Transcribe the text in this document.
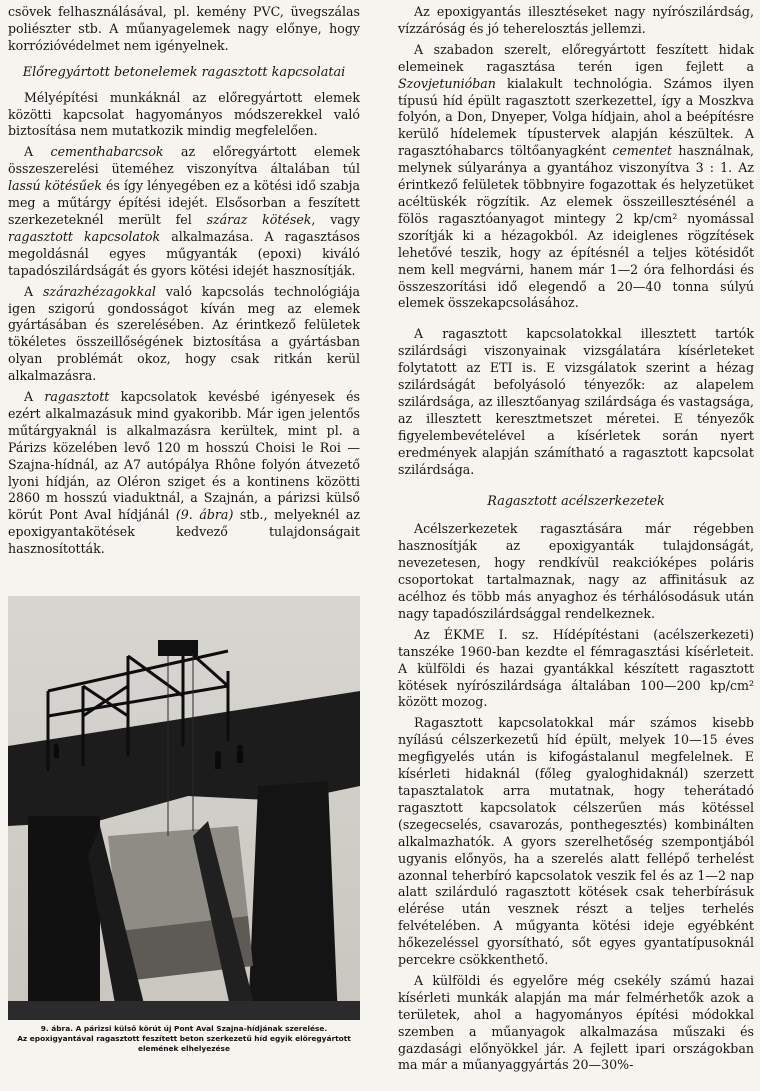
csövek felhasználásával, pl. kemény PVC, üvegszálas poliészter stb. A műanyagelemek nagy előnye, hogy korrózióvédelmet nem igényelnek.

Előregyártott betonelemek ragasztott kapcsolatai

Mélyépítési munkáknál az előregyártott elemek közötti kapcsolat hagyományos módszerekkel való biztosítása nem mutatkozik mindig megfelelően.

A cementhabarcsok az előregyártott elemek összeszerelési üteméhez viszonyítva általában túl lassú kötésűek és így lényegében ez a kötési idő szabja meg a műtárgy építési idejét. Elsősorban a feszített szerkezeteknél merült fel száraz kötések, vagy ragasztott kapcsolatok alkalmazása. A ragasztásos megoldásnál egyes műgyanták (epoxi) kiváló tapadószilárdságát és gyors kötési idejét hasznosítják.

A szárazhézagokkal való kapcsolás technológiája igen szigorú gondosságot kíván meg az elemek gyártásában és szerelésében. Az érintkező felületek tökéletes összeillőségének biztosítása a gyártásban olyan problémát okoz, hogy csak ritkán kerül alkalmazásra.

A ragasztott kapcsolatok kevésbé igényesek és ezért alkalmazásuk mind gyakoribb. Már igen jelentős műtárgyaknál is alkalmazásra kerültek, mint pl. a Párizs közelében levő 120 m hosszú Choisi le Roi — Szajna-hídnál, az A7 autópálya Rhône folyón átvezető lyoni hídján, az Oléron sziget és a kontinens közötti 2860 m hosszú viaduktnál, a Szajnán, a párizsi külső körút Pont Aval hídjánál (9. ábra) stb., melyeknél az epoxigyantakötések kedvező tulajdonságait hasznosították.

9. ábra. A párizsi külső körút új Pont Aval Szajna-hídjának szerelése.
Az epoxigyantával ragasztott feszített beton szerkezetű híd egyik előregyártott elemének elhelyezése

Az epoxigyantás illesztéseket nagy nyírószilárdság, vízzáróság és jó teherelosztás jellemzi.

A szabadon szerelt, előregyártott feszített hidak elemeinek ragasztása terén igen fejlett a Szovjetunióban kialakult technológia. Számos ilyen típusú híd épült ragasztott szerkezettel, így a Moszkva folyón, a Don, Dnyeper, Volga hídjain, ahol a beépítésre kerülő hídelemek típustervek alapján készültek. A ragasztóhabarcs töltőanyagként cementet használnak, melynek súlyaránya a gyantához viszonyítva 3 : 1. Az érintkező felületek többnyire fogazottak és helyzetüket acéltüskék rögzítik. Az elemek összeillesztésénél a fölös ragasztóanyagot mintegy 2 kp/cm² nyomással szorítják ki a hézagokból. Az ideiglenes rögzítések lehetővé teszik, hogy az építésnél a teljes kötésidőt nem kell megvárni, hanem már 1—2 óra felhordási és összeszorítási idő elegendő a 20—40 tonna súlyú elemek összekapcsolásához.

A ragasztott kapcsolatokkal illesztett tartók szilárdsági viszonyainak vizsgálatára kísérleteket folytatott az ETI is. E vizsgálatok szerint a hézag szilárdságát befolyásoló tényezők: az alapelem szilárdsága, az illesztőanyag szilárdsága és vastagsága, az illesztett keresztmetszet méretei. E tényezők figyelembevételével a kísérletek során nyert eredmények alapján számítható a ragasztott kapcsolat szilárdsága.

Ragasztott acélszerkezetek

Acélszerkezetek ragasztására már régebben hasznosítják az epoxigyanták tulajdonságát, nevezetesen, hogy rendkívül reakcióképes poláris csoportokat tartalmaznak, nagy az affinitásuk az acélhoz és több más anyaghoz és térhálósodásuk után nagy tapadószilárdsággal rendelkeznek.

Az ÉKME I. sz. Hídépítéstani (acélszerkezeti) tanszéke 1960-ban kezdte el fémragasztási kísérleteit. A külföldi és hazai gyantákkal készített ragasztott kötések nyírószilárdsága általában 100—200 kp/cm² között mozog.

Ragasztott kapcsolatokkal már számos kisebb nyílású célszerkezetű híd épült, melyek 10—15 éves megfigyelés után is kifogástalanul megfelelnek. E kísérleti hidaknál (főleg gyaloghidaknál) szerzett tapasztalatok arra mutatnak, hogy teherátadó ragasztott kapcsolatok célszerűen más kötéssel (szegecselés, csavarozás, ponthegesztés) kombinálten alkalmazhatók. A gyors szerelhetőség szempontjából ugyanis előnyös, ha a szerelés alatt fellépő terhelést azonnal teherbíró kapcsolatok veszik fel és az 1—2 nap alatt szilárduló ragasztott kötések csak teherbírásuk elérése után vesznek részt a teljes terhelés felvételében. A műgyanta kötési ideje egyébként hőkezeléssel gyorsítható, sőt egyes gyantatípusoknál percekre csökkenthető.

A külföldi és egyelőre még csekély számú hazai kísérleti munkák alapján ma már felmérhetők azok a területek, ahol a hagyományos építési módokkal szemben a műanyagok alkalmazása műszaki és gazdasági előnyökkel jár. A fejlett ipari országokban ma már a műanyaggyártás 20—30%-
